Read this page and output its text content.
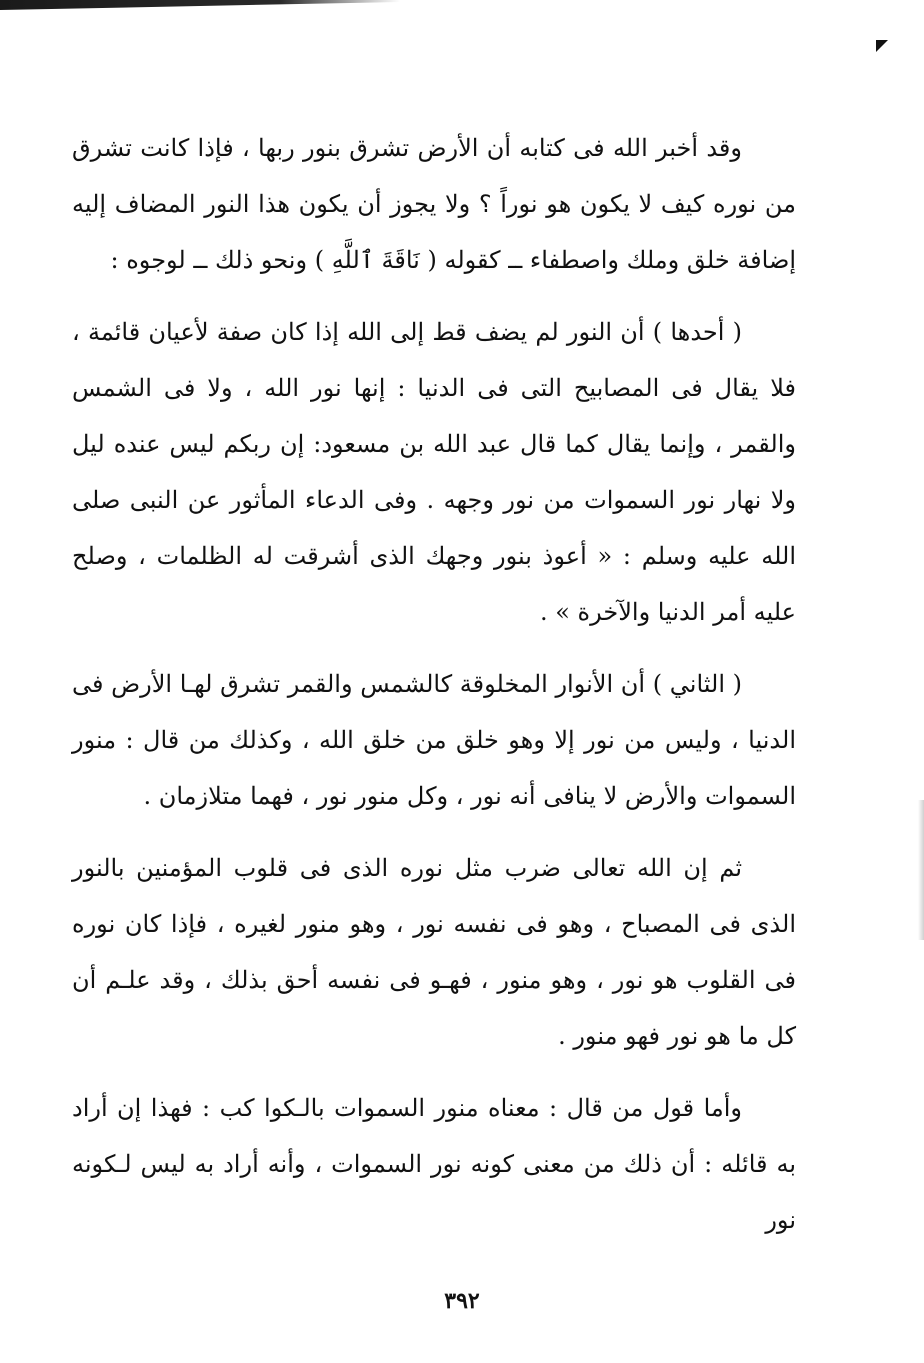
وقد أخبر الله فى كتابه أن الأرض تشرق بنور ربها ، فإذا كانت تشرق من نوره كيف لا يكون هو نوراً ؟ ولا يجوز أن يكون هذا النور المضاف إليه إضافة خلق وملك واصطفاء ــ كقوله ( نَاقَةَ ٱللَّهِ ) ونحو ذلك ــ لوجوه :

( أحدها ) أن النور لم يضف قط إلى الله إذا كان صفة لأعيان قائمة ، فلا يقال فى المصابيح التى فى الدنيا : إنها نور الله ، ولا فى الشمس والقمر ، وإنما يقال كما قال عبد الله بن مسعود: إن ربكم ليس عنده ليل ولا نهار نور السموات من نور وجهه . وفى الدعاء المأثور عن النبى صلى الله عليه وسلم : « أعوذ بنور وجهك الذى أشرقت له الظلمات ، وصلح عليه أمر الدنيا والآخرة » .

( الثاني ) أن الأنوار المخلوقة كالشمس والقمر تشرق لهـا الأرض فى الدنيا ، وليس من نور إلا وهو خلق من خلق الله ، وكذلك من قال : منور السموات والأرض لا ينافى أنه نور ، وكل منور نور ، فهما متلازمان .

ثم إن الله تعالى ضرب مثل نوره الذى فى قلوب المؤمنين بالنور الذى فى المصباح ، وهو فى نفسه نور ، وهو منور لغيره ، فإذا كان نوره فى القلوب هو نور ، وهو منور ، فهـو فى نفسه أحق بذلك ، وقد علـم أن كل ما هو نور فهو منور .

وأما قول من قال : معناه منور السموات بالـكوا كب : فهذا إن أراد به قائله : أن ذلك من معنى كونه نور السموات ، وأنه أراد به ليس لـكونه نور

٣٩٢
